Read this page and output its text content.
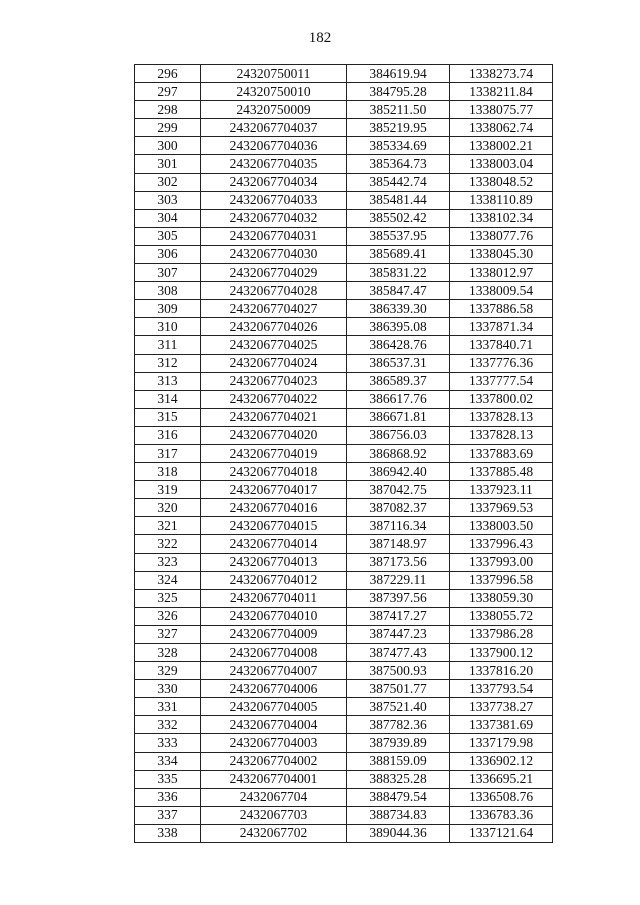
182
296	24320750011	384619.94	1338273.74
297	24320750010	384795.28	1338211.84
298	24320750009	385211.50	1338075.77
299	2432067704037	385219.95	1338062.74
300	2432067704036	385334.69	1338002.21
301	2432067704035	385364.73	1338003.04
302	2432067704034	385442.74	1338048.52
303	2432067704033	385481.44	1338110.89
304	2432067704032	385502.42	1338102.34
305	2432067704031	385537.95	1338077.76
306	2432067704030	385689.41	1338045.30
307	2432067704029	385831.22	1338012.97
308	2432067704028	385847.47	1338009.54
309	2432067704027	386339.30	1337886.58
310	2432067704026	386395.08	1337871.34
311	2432067704025	386428.76	1337840.71
312	2432067704024	386537.31	1337776.36
313	2432067704023	386589.37	1337777.54
314	2432067704022	386617.76	1337800.02
315	2432067704021	386671.81	1337828.13
316	2432067704020	386756.03	1337828.13
317	2432067704019	386868.92	1337883.69
318	2432067704018	386942.40	1337885.48
319	2432067704017	387042.75	1337923.11
320	2432067704016	387082.37	1337969.53
321	2432067704015	387116.34	1338003.50
322	2432067704014	387148.97	1337996.43
323	2432067704013	387173.56	1337993.00
324	2432067704012	387229.11	1337996.58
325	2432067704011	387397.56	1338059.30
326	2432067704010	387417.27	1338055.72
327	2432067704009	387447.23	1337986.28
328	2432067704008	387477.43	1337900.12
329	2432067704007	387500.93	1337816.20
330	2432067704006	387501.77	1337793.54
331	2432067704005	387521.40	1337738.27
332	2432067704004	387782.36	1337381.69
333	2432067704003	387939.89	1337179.98
334	2432067704002	388159.09	1336902.12
335	2432067704001	388325.28	1336695.21
336	2432067704	388479.54	1336508.76
337	2432067703	388734.83	1336783.36
338	2432067702	389044.36	1337121.64
